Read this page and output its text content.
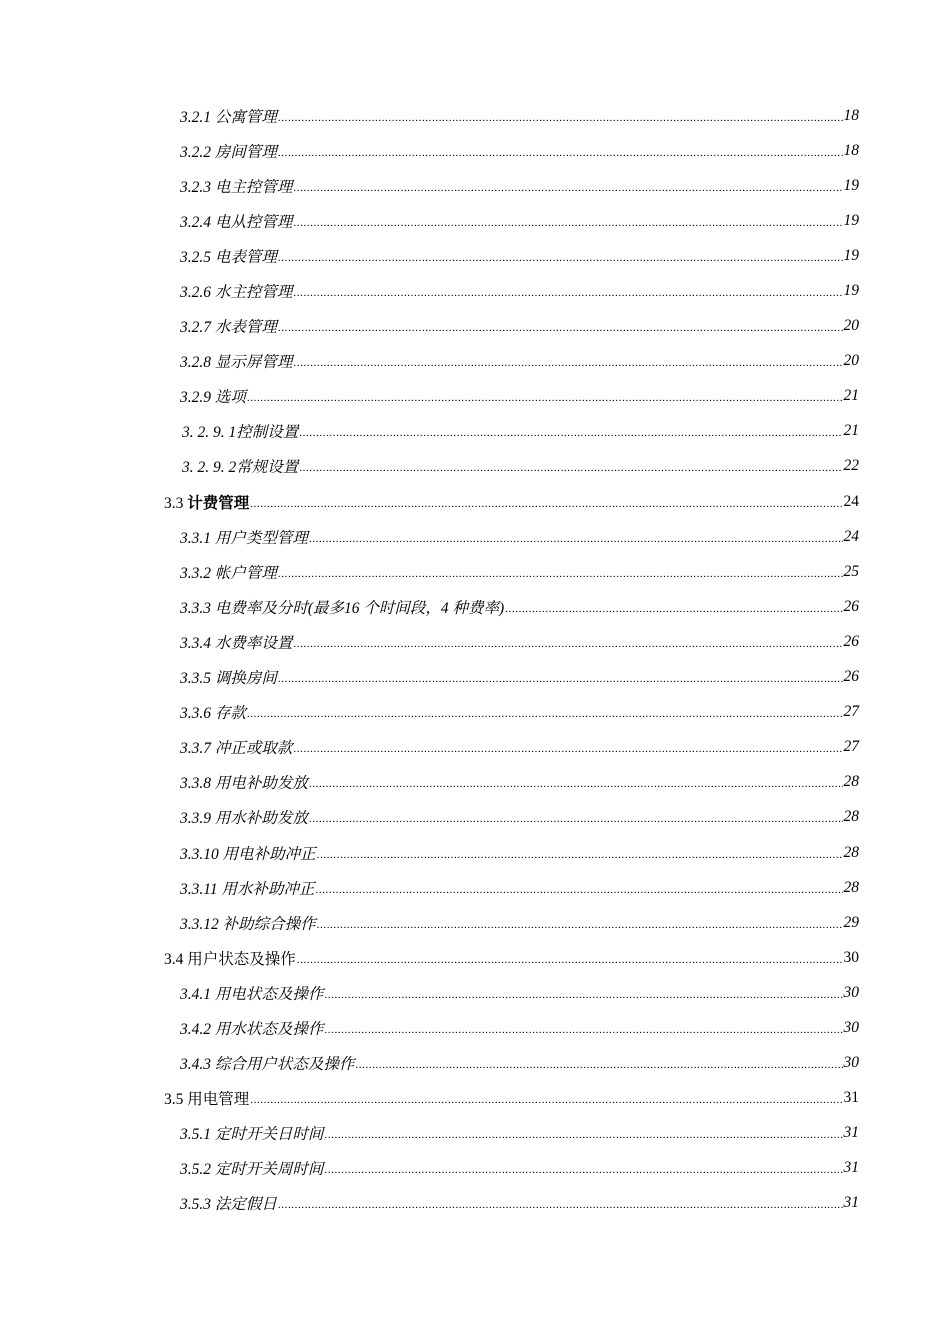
3.2.1 公寓管理 .....	18
3.2.2 房间管理 .....	18
3.2.3 电主控管理 .....	19
3.2.4 电从控管理 .....	19
3.2.5 电表管理 .....	19
3.2.6 水主控管理 .....	19
3.2.7 水表管理 .....	20
3.2.8 显示屏管理 .....	20
3.2.9 选项 .....	21
3. 2. 9. 1控制设置 .....	21
3. 2. 9. 2常规设置 .....	22
3.3 计费管理 .....	24
3.3.1 用户类型管理 .....	24
3.3.2 帐户管理 .....	25
3.3.3 电费率及分时(最多16 个时间段，4 种费率) .....	26
3.3.4 水费率设置 .....	26
3.3.5 调换房间 .....	26
3.3.6 存款 .....	27
3.3.7 冲正或取款 .....	27
3.3.8 用电补助发放 .....	28
3.3.9 用水补助发放 .....	28
3.3.10 用电补助冲正 .....	28
3.3.11 用水补助冲正 .....	28
3.3.12 补助综合操作 .....	29
3.4 用户状态及操作 .....	30
3.4.1 用电状态及操作 .....	30
3.4.2 用水状态及操作 .....	30
3.4.3 综合用户状态及操作 .....	30
3.5 用电管理 .....	31
3.5.1 定时开关日时间 .....	31
3.5.2 定时开关周时间 .....	31
3.5.3 法定假日 .....	31
